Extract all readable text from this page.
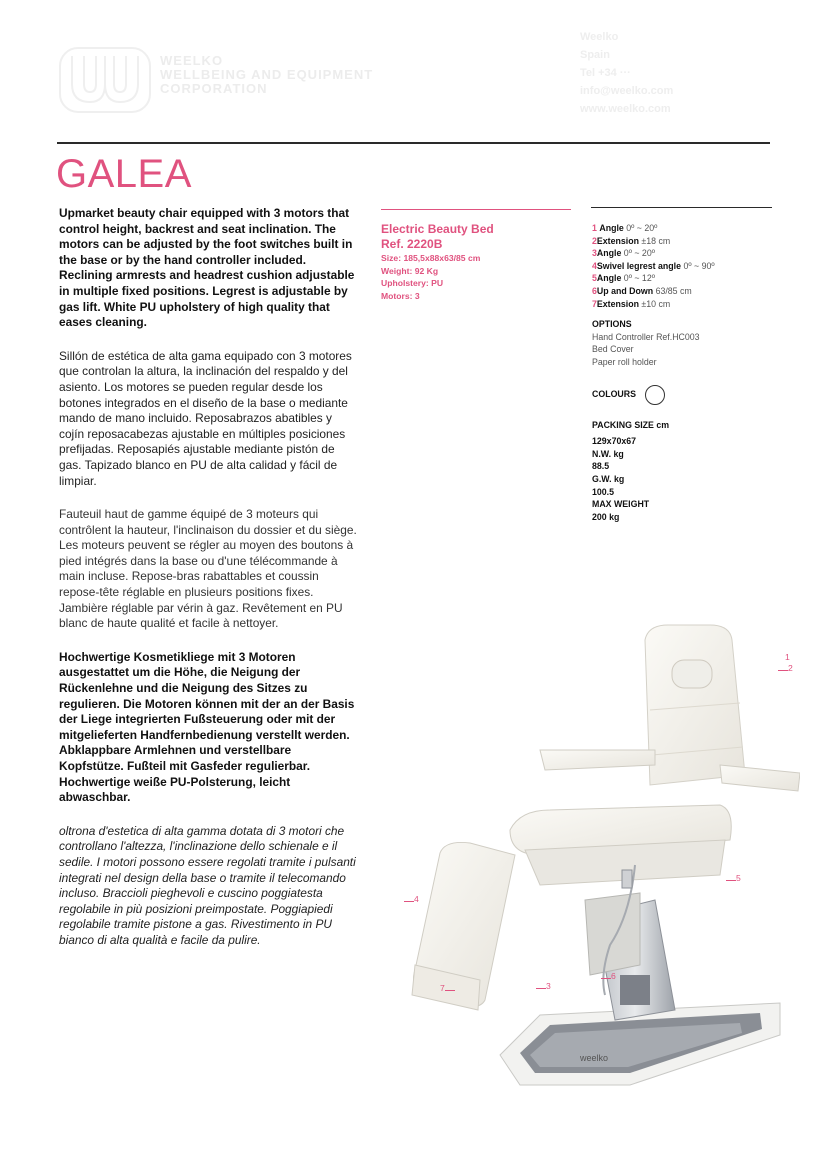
WEELKO
WELLBEING AND EQUIPMENT
CORPORATION
Weelko
Spain
Tel +34 ···
info@weelko.com
www.weelko.com
GALEA

Upmarket beauty chair equipped with 3 motors that control height, backrest and seat inclination. The motors can be adjusted by the foot switches built in the base or by the hand controller included. Reclining armrests and headrest cushion adjustable in multiple fixed positions. Legrest is adjustable by gas lift. White PU upholstery of high quality that eases cleaning.

Sillón de estética de alta gama equipado con 3 motores que controlan la altura, la inclinación del respaldo y del asiento. Los motores se pueden regular desde los botones integrados en el diseño de la base o mediante mando de mano incluido. Reposabrazos abatibles y cojín reposacabezas ajustable en múltiples posiciones prefijadas. Reposapiés ajustable mediante pistón de gas. Tapizado blanco en PU de alta calidad y fácil de limpiar.

Fauteuil haut de gamme équipé de 3 moteurs qui contrôlent la hauteur, l'inclinaison du dossier et du siège. Les moteurs peuvent se régler au moyen des boutons à pied intégrés dans la base ou d'une télécommande à main incluse. Repose-bras rabattables et coussin repose-tête réglable en plusieurs positions fixes. Jambière réglable par vérin à gaz. Revêtement en PU blanc de haute qualité et facile à nettoyer.

Hochwertige Kosmetikliege mit 3 Motoren ausgestattet um die Höhe, die Neigung der Rückenlehne und die Neigung des Sitzes zu regulieren. Die Motoren können mit der an der Basis der Liege integrierten Fußsteuerung oder mit der mitgelieferten Handfernbedienung verstellt werden. Abklappbare Armlehnen und verstellbare Kopfstütze. Fußteil mit Gasfeder regulierbar. Hochwertige weiße PU-Polsterung, leicht abwaschbar.

oltrona d'estetica di alta gamma dotata di 3 motori che controllano l'altezza, l'inclinazione dello schienale e il sedile. I motori possono essere regolati tramite i pulsanti integrati nel design della base o tramite il telecomando incluso. Braccioli pieghevoli e cuscino poggiatesta regolabile in più posizioni preimpostate. Poggiapiedi regolabile tramite pistone a gas. Rivestimento in PU bianco di alta qualità e facile da pulire.

Electric Beauty Bed
Ref. 2220B
Size: 185,5x88x63/85 cm
Weight: 92 Kg
Upholstery: PU
Motors: 3
1 Angle 0º ~ 20º
2Extension ±18 cm
3Angle 0º ~ 20º
4Swivel legrest angle 0º ~ 90º
5Angle 0º ~ 12º
6Up and Down 63/85 cm
7Extension ±10 cm
OPTIONS
Hand Controller Ref.HC003
Bed Cover
Paper roll holder
COLOURS
PACKING SIZE cm
129x70x67
N.W. kg
88.5
G.W. kg
100.5
MAX WEIGHT
200 kg
weelko
1
2
3
4
5
6
7
